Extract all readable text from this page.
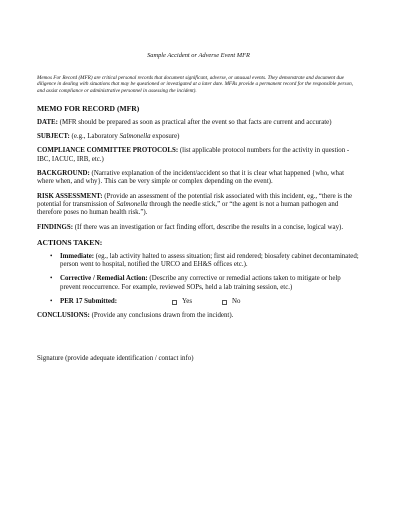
Sample Accident or Adverse Event MFR

Memos For Record (MFR) are critical personal records that document significant, adverse, or unusual events. They demonstrate and document due diligence in dealing with situations that may be questioned or investigated at a later date. MFRs provide a permanent record for the responsible person, and assist compliance or administrative personnel in assessing the incident).

MEMO FOR RECORD (MFR)

DATE: (MFR should be prepared as soon as practical after the event so that facts are current and accurate)

SUBJECT: (e.g., Laboratory Salmonella exposure)

COMPLIANCE COMMITTEE PROTOCOLS: (list applicable protocol numbers for the activity in question - IBC, IACUC, IRB, etc.)

BACKGROUND: (Narrative explanation of the incident/accident so that it is clear what happened {who, what where when, and why}. This can be very simple or complex depending on the event).

RISK ASSESSMENT: (Provide an assessment of the potential risk associated with this incident, eg., “there is the potential for transmission of Salmonella through the needle stick,” or “the agent is not a human pathogen and therefore poses no human health risk.”).

FINDINGS: (If there was an investigation or fact finding effort, describe the results in a concise, logical way).

ACTIONS TAKEN:
• Immediate: (eg., lab activity halted to assess situation; first aid rendered; biosafety cabinet decontaminated; person went to hospital, notified the URCO and EH&S offices etc.).
• Corrective / Remedial Action: (Describe any corrective or remedial actions taken to mitigate or help prevent reoccurrence. For example, reviewed SOPs, held a lab training session, etc.)
• PER 17 Submitted:	Yes	No

CONCLUSIONS: (Provide any conclusions drawn from the incident).

Signature (provide adequate identification / contact info)
